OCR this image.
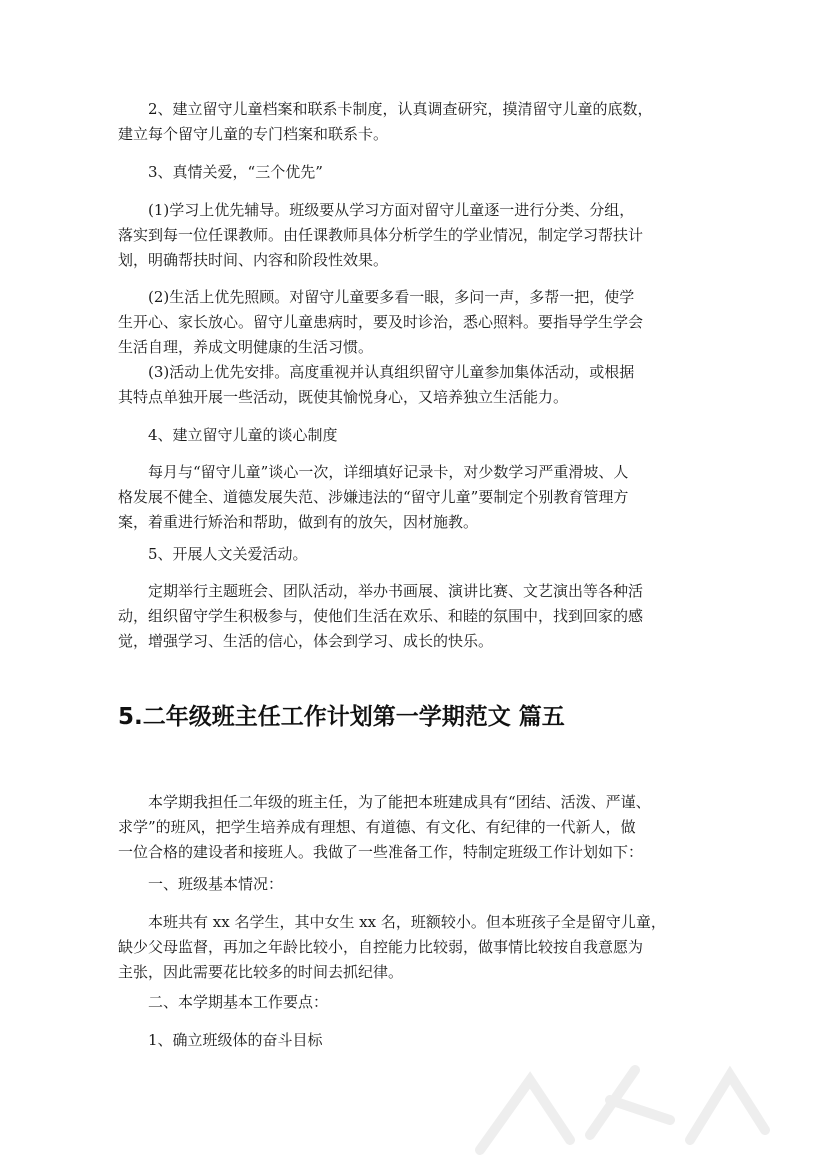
　　2、建立留守儿童档案和联系卡制度，认真调查研究，摸清留守儿童的底数，
建立每个留守儿童的专门档案和联系卡。

　　3、真情关爱，“三个优先”

　　(1)学习上优先辅导。班级要从学习方面对留守儿童逐一进行分类、分组，
落实到每一位任课教师。由任课教师具体分析学生的学业情况，制定学习帮扶计
划，明确帮扶时间、内容和阶段性效果。

　　(2)生活上优先照顾。对留守儿童要多看一眼，多问一声，多帮一把，使学
生开心、家长放心。留守儿童患病时，要及时诊治，悉心照料。要指导学生学会
生活自理，养成文明健康的生活习惯。

　　(3)活动上优先安排。高度重视并认真组织留守儿童参加集体活动，或根据
其特点单独开展一些活动，既使其愉悦身心，又培养独立生活能力。

　　4、建立留守儿童的谈心制度

　　每月与“留守儿童”谈心一次，详细填好记录卡，对少数学习严重滑坡、人
格发展不健全、道德发展失范、涉嫌违法的“留守儿童”要制定个别教育管理方
案，着重进行矫治和帮助，做到有的放矢，因材施教。

　　5、开展人文关爱活动。

　　定期举行主题班会、团队活动，举办书画展、演讲比赛、文艺演出等各种活
动，组织留守学生积极参与，使他们生活在欢乐、和睦的氛围中，找到回家的感
觉，增强学习、生活的信心，体会到学习、成长的快乐。

5.二年级班主任工作计划第一学期范文 篇五

　　本学期我担任二年级的班主任，为了能把本班建成具有“团结、活泼、严谨、
求学”的班风，把学生培养成有理想、有道德、有文化、有纪律的一代新人，做
一位合格的建设者和接班人。我做了一些准备工作，特制定班级工作计划如下：

　　一、班级基本情况：

　　本班共有 xx 名学生，其中女生 xx 名，班额较小。但本班孩子全是留守儿童，
缺少父母监督，再加之年龄比较小，自控能力比较弱，做事情比较按自我意愿为
主张，因此需要花比较多的时间去抓纪律。

　　二、本学期基本工作要点：

　　1、确立班级体的奋斗目标
